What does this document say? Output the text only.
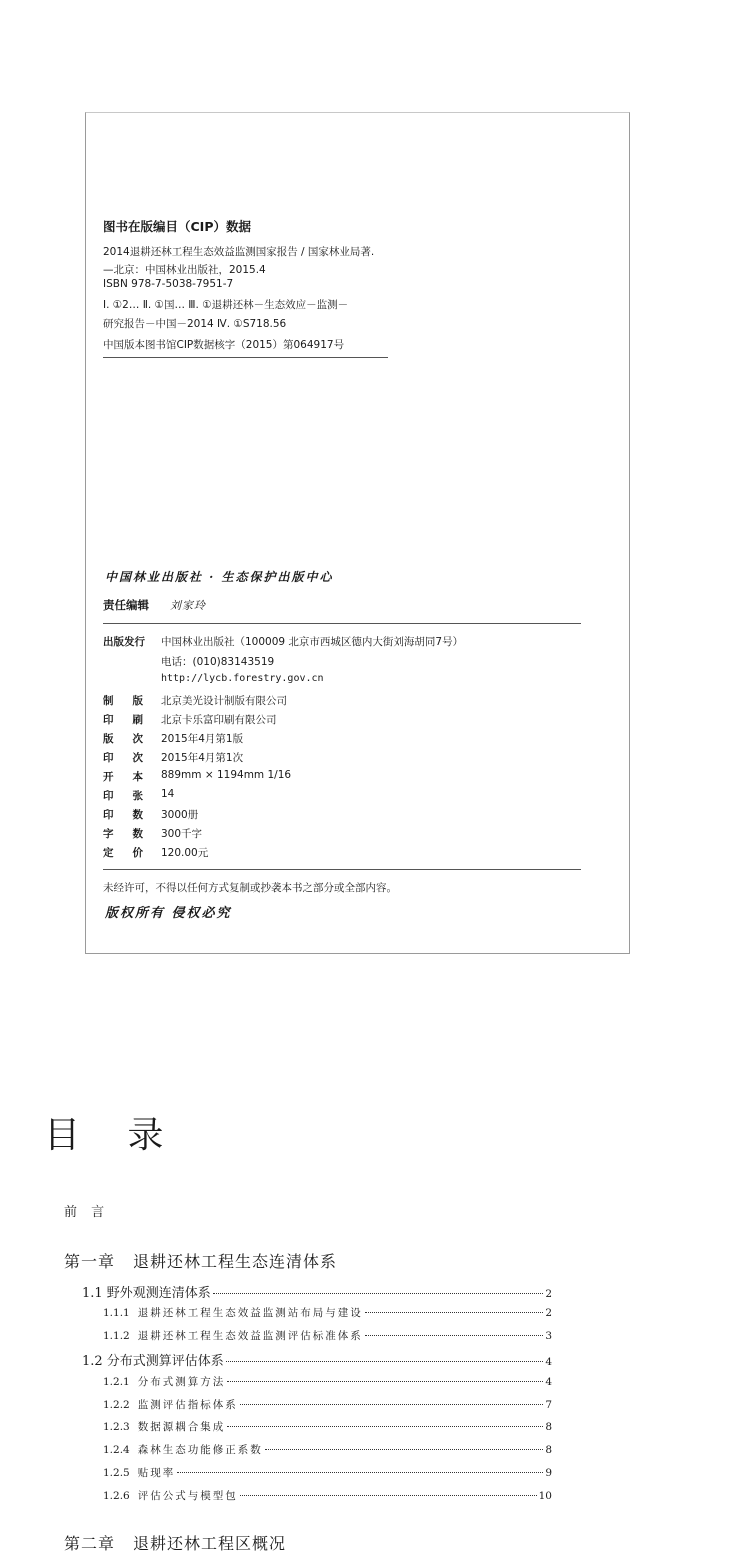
图书在版编目（CIP）数据
2014退耕还林工程生态效益监测国家报告 / 国家林业局著.
—北京：中国林业出版社，2015.4
ISBN 978-7-5038-7951-7
Ⅰ. ①2… Ⅱ. ①国… Ⅲ. ①退耕还林－生态效应－监测－
研究报告－中国－2014 Ⅳ. ①S718.56
中国版本图书馆CIP数据核字（2015）第064917号
中国林业出版社 · 生态保护出版中心
责任编辑 刘家玲
出版发行 中国林业出版社（100009 北京市西城区德内大街刘海胡同7号）
电话：(010)83143519
http://lycb.forestry.gov.cn
制版 北京美光设计制版有限公司
印刷 北京卡乐富印刷有限公司
版次 2015年4月第1版
印次 2015年4月第1次
开本 889mm × 1194mm 1/16
印张 14
印数 3000册
字数 300千字
定价 120.00元
未经许可，不得以任何方式复制或抄袭本书之部分或全部内容。
版权所有 侵权必究
目 录
前 言
第一章 退耕还林工程生态连清体系
1.1 野外观测连清体系	2
1.1.1 退耕还林工程生态效益监测站布局与建设	2
1.1.2 退耕还林工程生态效益监测评估标准体系	3
1.2 分布式测算评估体系	4
1.2.1 分布式测算方法	4
1.2.2 监测评估指标体系	7
1.2.3 数据源耦合集成	8
1.2.4 森林生态功能修正系数	8
1.2.5 贴现率	9
1.2.6 评估公式与模型包	10
第二章 退耕还林工程区概况
